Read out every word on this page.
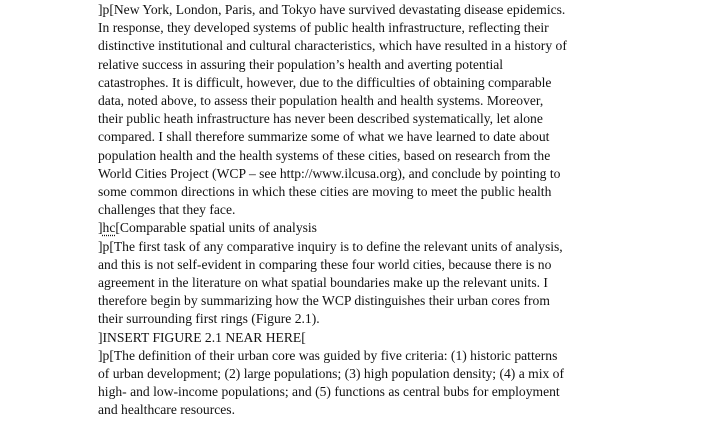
]p[New York, London, Paris, and Tokyo have survived devastating disease epidemics.
In response, they developed systems of public health infrastructure, reflecting their
distinctive institutional and cultural characteristics, which have resulted in a history of
relative success in assuring their population’s health and averting potential
catastrophes. It is difficult, however, due to the difficulties of obtaining comparable
data, noted above, to assess their population health and health systems. Moreover,
their public heath infrastructure has never been described systematically, let alone
compared. I shall therefore summarize some of what we have learned to date about
population health and the health systems of these cities, based on research from the
World Cities Project (WCP – see http://www.ilcusa.org), and conclude by pointing to
some common directions in which these cities are moving to meet the public health
challenges that they face.
]hc[Comparable spatial units of analysis
]p[The first task of any comparative inquiry is to define the relevant units of analysis,
and this is not self-evident in comparing these four world cities, because there is no
agreement in the literature on what spatial boundaries make up the relevant units. I
therefore begin by summarizing how the WCP distinguishes their urban cores from
their surrounding first rings (Figure 2.1).
]INSERT FIGURE 2.1 NEAR HERE[
]p[The definition of their urban core was guided by five criteria: (1) historic patterns
of urban development; (2) large populations; (3) high population density; (4) a mix of
high- and low-income populations; and (5) functions as central bubs for employment
and healthcare resources.
